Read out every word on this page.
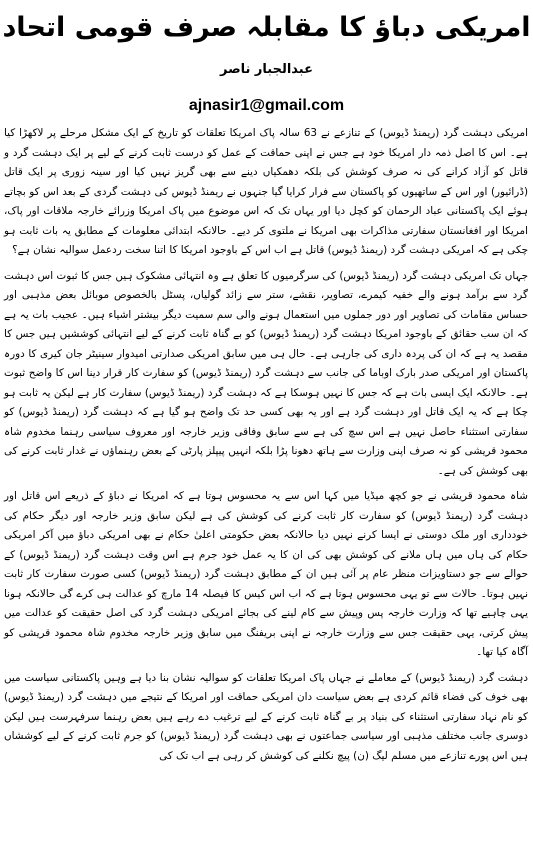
امریکی دباؤ کا مقابلہ صرف قومی اتحاد
عبدالجبار ناصر
ajnasir1@gmail.com

امریکی دہشت گرد (ریمنڈ ڈیوس) کے تنازعے نے 63 سالہ پاک امریکا تعلقات کو تاریخ کے ایک مشکل مرحلے پر لاکھڑا کیا ہے۔ اس کا اصل ذمہ دار امریکا خود ہے جس نے اپنی حماقت کے عمل کو درست ثابت کرنے کے لیے پر ایک دہشت گرد و قاتل کو آزاد کرانے کی نہ صرف کوشش کی بلکہ دھمکیاں دینے سے بھی گریز نہیں کیا اور سینہ زوری پر ایک قاتل (ڈرائیور) اور اس کے ساتھیوں کو پاکستان سے فرار کرایا گیا جنہوں نے ریمنڈ ڈیوس کی دہشت گردی کے بعد اس کو بچاتے ہوئے ایک پاکستانی عباد الرحمان کو کچل دیا اور یہاں تک کہ اس موضوع میں پاک امریکا وزرائے خارجہ ملاقات اور پاک، امریکا اور افغانستان سفارتی مذاکرات بھی امریکا نے ملتوی کر دیے۔ حالانکہ ابتدائی معلومات کے مطابق یہ بات ثابت ہو چکی ہے کہ امریکی دہشت گرد (ریمنڈ ڈیوس) قاتل ہے اب اس کے باوجود امریکا کا اتنا سخت ردعمل سوالیہ نشان ہے؟

جہاں تک امریکی دہشت گرد (ریمنڈ ڈیوس) کی سرگرمیوں کا تعلق ہے وہ انتہائی مشکوک ہیں جس کا ثبوت اس دہشت گرد سے برآمد ہونے والے خفیہ کیمرے، تصاویر، نقشے، ستر سے زائد گولیاں، پسٹل بالخصوص موبائل بعض مذہبی اور حساس مقامات کی تصاویر اور دور جملوں میں استعمال ہونے والی سم سمیت دیگر بیشتر اشیاء ہیں۔ عجیب بات یہ ہے کہ ان سب حقائق کے باوجود امریکا دہشت گرد (ریمنڈ ڈیوس) کو بے گناہ ثابت کرنے کے لیے انتہائی کوششیں ہیں جس کا مقصد یہ ہے کہ ان کی پردہ داری کی جارہی ہے۔ حال ہی میں سابق امریکی صدارتی امیدوار سینیٹر جان کیری کا دورہ پاکستان اور امریکی صدر بارک اوباما کی جانب سے دہشت گرد (ریمنڈ ڈیوس) کو سفارت کار قرار دینا اس کا واضح ثبوت ہے۔ حالانکہ ایک ایسی بات ہے کہ جس کا نہیں ہوسکا ہے کہ دہشت گرد (ریمنڈ ڈیوس) سفارت کار ہے لیکن یہ ثابت ہو چکا ہے کہ یہ ایک قاتل اور دہشت گرد ہے اور یہ بھی کسی حد تک واضح ہو گیا ہے کہ دہشت گرد (ریمنڈ ڈیوس) کو سفارتی استثناء حاصل نہیں ہے اس سچ کی ہے سے سابق وفاقی وزیر خارجہ اور معروف سیاسی رہنما مخدوم شاہ محمود قریشی کو نہ صرف اپنی وزارت سے ہاتھ دھونا پڑا بلکہ انہیں پیپلز پارٹی کے بعض رہنماؤں نے غدار ثابت کرنے کی بھی کوشش کی ہے۔

شاہ محمود قریشی نے جو کچھ میڈیا میں کہا اس سے یہ محسوس ہوتا ہے کہ امریکا نے دباؤ کے ذریعے اس قاتل اور دہشت گرد (ریمنڈ ڈیوس) کو سفارت کار ثابت کرنے کی کوشش کی ہے لیکن سابق وزیر خارجہ اور دیگر حکام کی خودداری اور ملک دوستی نے ایسا کرنے نہیں دیا حالانکہ بعض حکومتی اعلیٰ حکام نے بھی امریکی دباؤ میں آکر امریکی حکام کی ہاں میں ہاں ملانے کی کوشش بھی کی ان کا یہ عمل خود جرم ہے اس وقت دہشت گرد (ریمنڈ ڈیوس) کے حوالے سے جو دستاویزات منظر عام پر آئی ہیں ان کے مطابق دہشت گرد (ریمنڈ ڈیوس) کسی صورت سفارت کار ثابت نہیں ہوتا۔ حالات سے تو یہی محسوس ہوتا ہے کہ اب اس کیس کا فیصلہ 14 مارچ کو عدالت ہی کرے گی حالانکہ ہونا یہی چاہیے تھا کہ وزارت خارجہ پس وپیش سے کام لینے کی بجائے امریکی دہشت گرد کی اصل حقیقت کو عدالت میں پیش کرتی، یہی حقیقت جس سے وزارت خارجہ نے اپنی بریفنگ میں سابق وزیر خارجہ مخدوم شاہ محمود قریشی کو آگاہ کیا تھا۔

دہشت گرد (ریمنڈ ڈیوس) کے معاملے نے جہاں پاک امریکا تعلقات کو سوالیہ نشان بنا دیا ہے وہیں پاکستانی سیاست میں بھی خوف کی فضاء قائم کردی ہے بعض سیاست دان امریکی حماقت اور امریکا کے نتیجے میں دہشت گرد (ریمنڈ ڈیوس) کو نام نہاد سفارتی استثناء کی بنیاد پر بے گناہ ثابت کرنے کے لیے ترغیب دے رہے ہیں بعض رہنما سرفہرست ہیں لیکن دوسری جانب مختلف مذہبی اور سیاسی جماعتوں نے بھی دہشت گرد (ریمنڈ ڈیوس) کو جرم ثابت کرنے کے لیے کوششاں ہیں اس پورے تنازعے میں مسلم لیگ (ن) پیچ نکلنے کی کوشش کر رہی ہے اب تک کی
